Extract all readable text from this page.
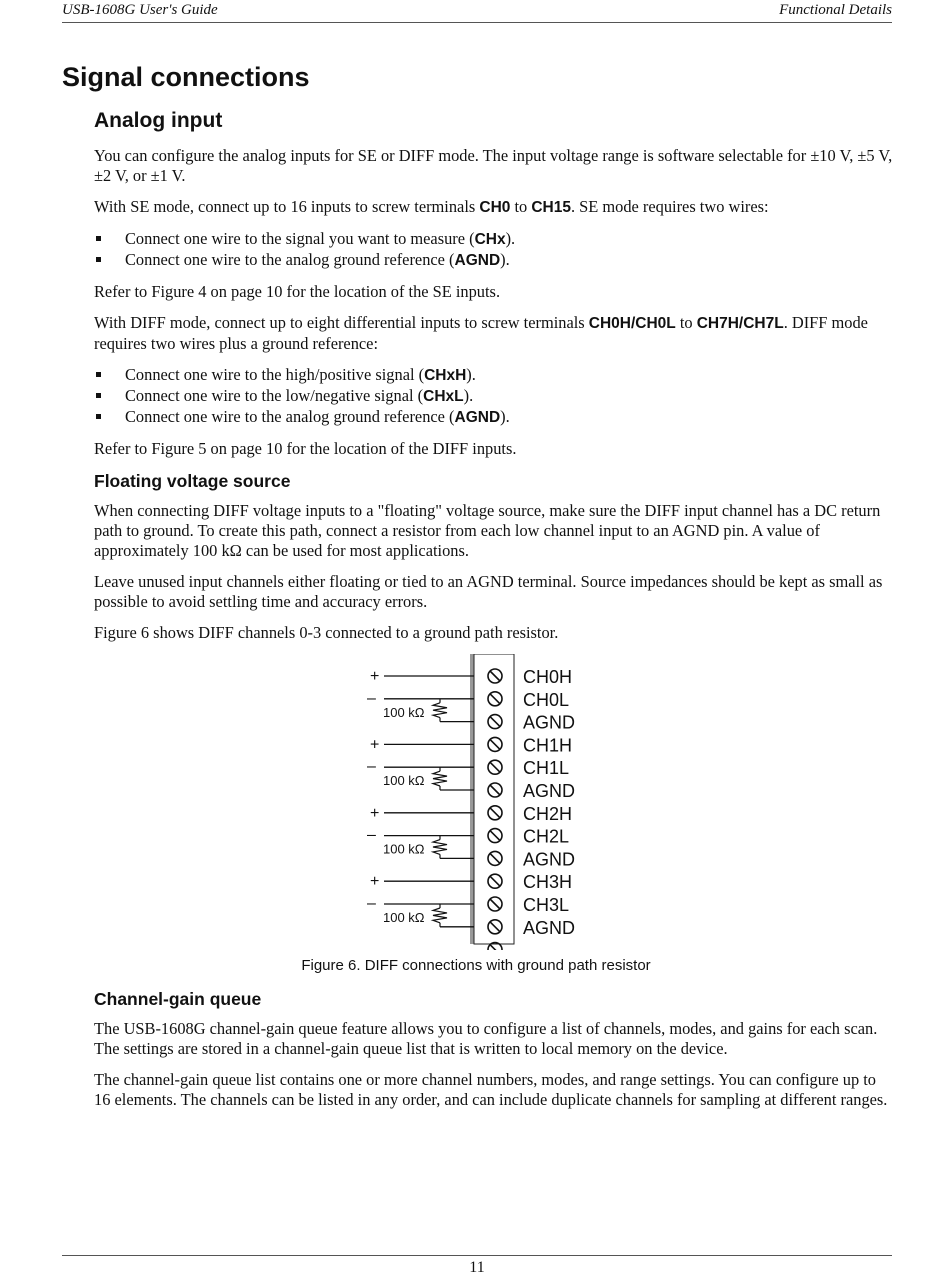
USB-1608G User's Guide	Functional Details
Signal connections
Analog input

You can configure the analog inputs for SE or DIFF mode. The input voltage range is software selectable for ±10 V, ±5 V, ±2 V, or ±1 V.

With SE mode, connect up to 16 inputs to screw terminals CH0 to CH15. SE mode requires two wires:

Connect one wire to the signal you want to measure (CHx).
Connect one wire to the analog ground reference (AGND).

Refer to Figure 4 on page 10 for the location of the SE inputs.

With DIFF mode, connect up to eight differential inputs to screw terminals CH0H/CH0L to CH7H/CH7L. DIFF mode requires two wires plus a ground reference:

Connect one wire to the high/positive signal (CHxH).
Connect one wire to the low/negative signal (CHxL).
Connect one wire to the analog ground reference (AGND).

Refer to Figure 5 on page 10 for the location of the DIFF inputs.

Floating voltage source

When connecting DIFF voltage inputs to a "floating" voltage source, make sure the DIFF input channel has a DC return path to ground. To create this path, connect a resistor from each low channel input to an AGND pin. A value of approximately 100 kΩ can be used for most applications.

Leave unused input channels either floating or tied to an AGND terminal. Source impedances should be kept as small as possible to avoid settling time and accuracy errors.

Figure 6 shows DIFF channels 0-3 connected to a ground path resistor.

CH0H
CH0L
AGND
CH1H
CH1L
AGND
CH2H
CH2L
AGND
CH3H
CH3L
AGND
+
–
100 kΩ
+
–
100 kΩ
+
–
100 kΩ
+
–
100 kΩ
Figure 6. DIFF connections with ground path resistor
Channel-gain queue

The USB-1608G channel-gain queue feature allows you to configure a list of channels, modes, and gains for each scan. The settings are stored in a channel-gain queue list that is written to local memory on the device.

The channel-gain queue list contains one or more channel numbers, modes, and range settings. You can configure up to 16 elements. The channels can be listed in any order, and can include duplicate channels for sampling at different ranges.

11
